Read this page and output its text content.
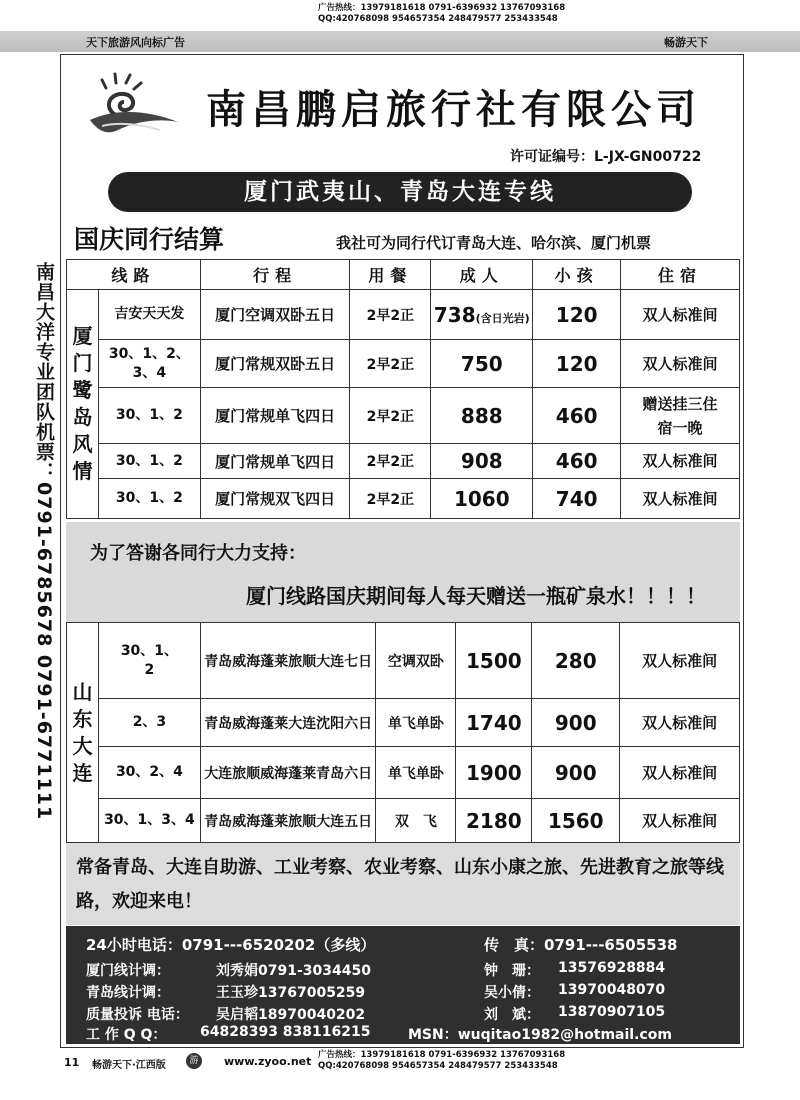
天下旅游风向标广告
广告热线：13979181618 0791-6396932 13767093168
QQ:420768098 954657354 248479577 253433548
畅游天下
南昌大洋专业团队机票：0791-6785678 0791-6771111
南昌鹏启旅行社有限公司
许可证编号：L-JX-GN00722
厦门武夷山、青岛大连专线
国庆同行结算	我社可为同行代订青岛大连、哈尔滨、厦门机票
线路		行程	用餐	成人	小孩	住宿
厦门鹭岛风情	吉安天天发	厦门空调双卧五日	2早2正	738(含日光岩)	120	双人标准间
	30、1、2、3、4	厦门常规双卧五日	2早2正	750	120	双人标准间
	30、1、2	厦门常规单飞四日	2早2正	888	460	赠送挂三住宿一晚
	30、1、2	厦门常规单飞四日	2早2正	908	460	双人标准间
	30、1、2	厦门常规双飞四日	2早2正	1060	740	双人标准间
为了答谢各同行大力支持：
厦门线路国庆期间每人每天赠送一瓶矿泉水！！！！
山东大连	30、1、2	青岛威海蓬莱旅顺大连七日	空调双卧	1500	280	双人标准间
	2、3	青岛威海蓬莱大连沈阳六日	单飞单卧	1740	900	双人标准间
	30、2、4	大连旅顺威海蓬莱青岛六日	单飞单卧	1900	900	双人标准间
	30、1、3、4	青岛威海蓬莱旅顺大连五日	双　飞	2180	1560	双人标准间
常备青岛、大连自助游、工业考察、农业考察、山东小康之旅、先进教育之旅等线路，欢迎来电！
24小时电话：0791---6520202（多线）	传　真：0791---6505538
厦门线计调：	刘秀娟0791-3034450	钟　珊： 13576928884
青岛线计调：	王玉珍13767005259	吴小倩： 13970048070
质量投诉 电话： 吴启韬18970040202	刘　斌： 13870907105
工 作 Q Q： 64828393 838116215	MSN：wuqitao1982@hotmail.com
11 畅游天下·江西版	游	www.zyoo.net 广告热线：13979181618 0791-6396932 13767093168
QQ:420768098 954657354 248479577 253433548
